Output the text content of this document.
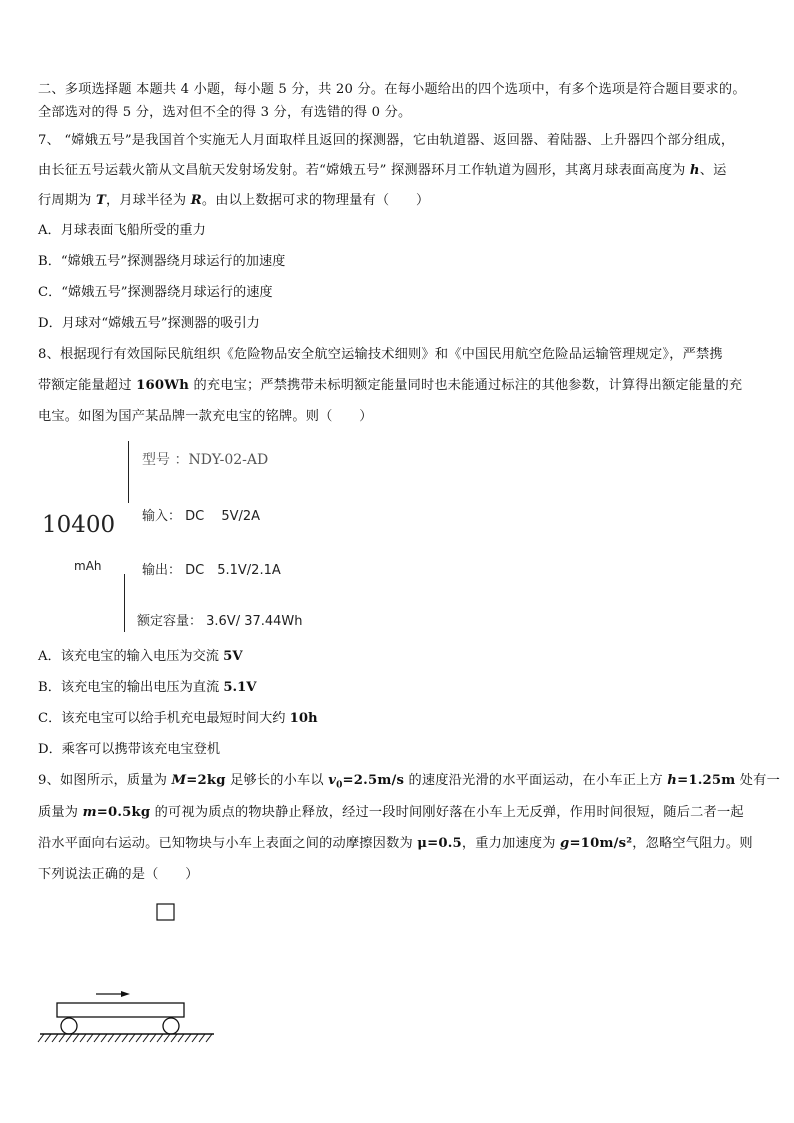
二、多项选择题 本题共 4 小题，每小题 5 分，共 20 分。在每小题给出的四个选项中，有多个选项是符合题目要求的。
全部选对的得 5 分，选对但不全的得 3 分，有选错的得 0 分。
7、 “嫦娥五号”是我国首个实施无人月面取样且返回的探测器，它由轨道器、返回器、着陆器、上升器四个部分组成，
由长征五号运载火箭从文昌航天发射场发射。若“嫦娥五号” 探测器环月工作轨道为圆形，其离月球表面高度为 h、运
行周期为 T，月球半径为 R。由以上数据可求的物理量有（　　）
A．月球表面飞船所受的重力
B．“嫦娥五号”探测器绕月球运行的加速度
C．“嫦娥五号”探测器绕月球运行的速度
D．月球对“嫦娥五号”探测器的吸引力
8、根据现行有效国际民航组织《危险物品安全航空运输技术细则》和《中国民用航空危险品运输管理规定》，严禁携
带额定能量超过 160Wh 的充电宝；严禁携带未标明额定能量同时也未能通过标注的其他参数，计算得出额定能量的充
电宝。如图为国产某品牌一款充电宝的铭牌。则（　　）
10400
mAh
型号 ：NDY-02-AD
输入： DC　 5V/2A
输出： DC　5.1V/2.1A
额定容量： 3.6V/ 37.44Wh
A．该充电宝的输入电压为交流 5V
B．该充电宝的输出电压为直流 5.1V
C．该充电宝可以给手机充电最短时间大约 10h
D．乘客可以携带该充电宝登机
9、如图所示，质量为 M=2kg 足够长的小车以 $v_0=2.5m/s$ 的速度沿光滑的水平面运动，在小车正上方 h=1.25m 处有一
质量为 m=0.5kg 的可视为质点的物块静止释放，经过一段时间刚好落在小车上无反弹，作用时间很短，随后二者一起
沿水平面向右运动。已知物块与小车上表面之间的动摩擦因数为 μ=0.5，重力加速度为 g=10m/s²，忽略空气阻力。则
下列说法正确的是（　　）
